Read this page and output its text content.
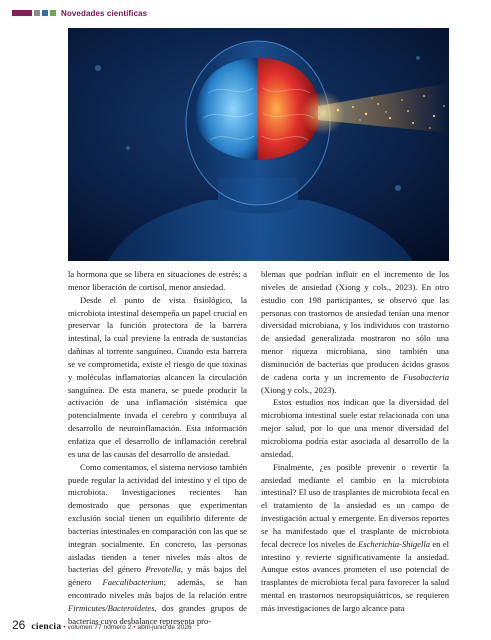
Novedades científicas

la hormona que se libera en situaciones de estrés: a menor liberación de cortisol, menor ansiedad.

Desde el punto de vista fisiológico, la microbiota intestinal desempeña un papel crucial en preservar la función protectora de la barrera intestinal, la cual previene la entrada de sustancias dañinas al torrente sanguíneo. Cuando esta barrera se ve comprometida, existe el riesgo de que toxinas y moléculas inflamatorias alcancen la circulación sanguínea. De esta manera, se puede producir la activación de una inflamación sistémica que potencialmente invada el cerebro y contribuya al desarrollo de neuroinflamación. Esta información enfatiza que el desarrollo de inflamación cerebral es una de las causas del desarrollo de ansiedad.

Como comentamos, el sistema nervioso también puede regular la actividad del intestino y el tipo de microbiota. Investigaciones recientes han demostrado que personas que experimentan exclusión social tienen un equilibrio diferente de bacterias intestinales en comparación con las que se integran socialmente. En concreto, las personas aisladas tienden a tener niveles más altos de bacterias del género Prevotella, y más bajos del género Faecalibacterium; además, se han encontrado niveles más bajos de la relación entre Firmicutes/Bacteroidetes, dos grandes grupos de bacterias cuyo desbalance representa pro-

blemas que podrían influir en el incremento de los niveles de ansiedad (Xiong y cols., 2023). En otro estudio con 198 participantes, se observó que las personas con trastornos de ansiedad tenían una menor diversidad microbiana, y los individuos con trastorno de ansiedad generalizada mostraron no sólo una menor riqueza microbiana, sino también una disminución de bacterias que producen ácidos grasos de cadena corta y un incremento de Fusobacteria (Xiong y cols., 2023).

Estos estudios nos indican que la diversidad del microbioma intestinal suele estar relacionada con una mejor salud, por lo que una menor diversidad del microbioma podría estar asociada al desarrollo de la ansiedad.

Finalmente, ¿es posible prevenir o revertir la ansiedad mediante el cambio en la microbiota intestinal? El uso de trasplantes de microbiota fecal en el tratamiento de la ansiedad es un campo de investigación actual y emergente. En diversos reportes se ha manifestado que el trasplante de microbiota fecal decrece los niveles de Escherichia-Shigella en el intestino y revierte significativamente la ansiedad. Aunque estos avances prometen el uso potencial de trasplantes de microbiota fecal para favorecer la salud mental en trastornos neuropsiquiátricos, se requieren más investigaciones de largo alcance para

26 ciencia • volumen 77 número 2 • abril-junio de 2026
